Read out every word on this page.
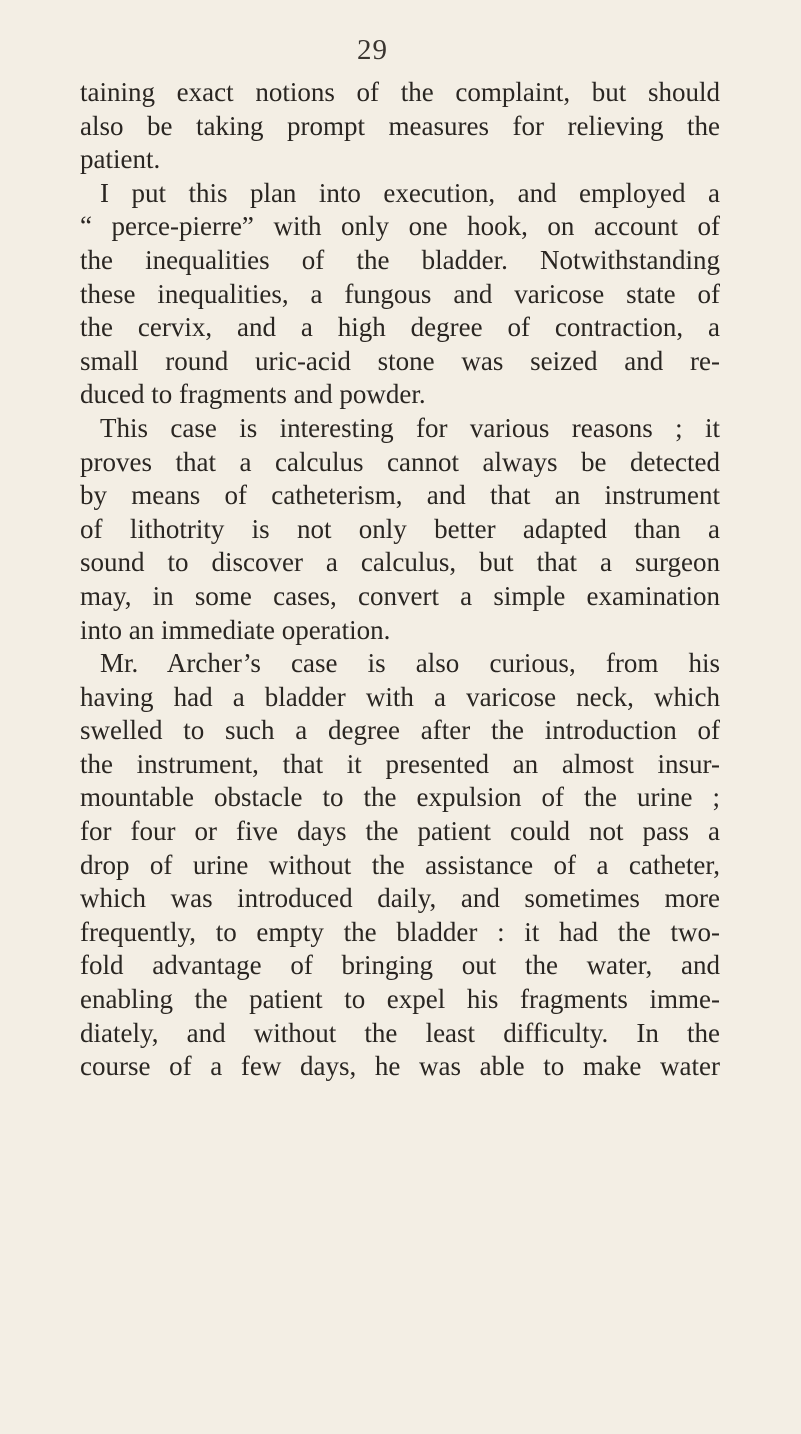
29
taining exact notions of the complaint, but should
also be taking prompt measures for relieving the
patient.
I put this plan into execution, and employed a
“ perce-pierre” with only one hook, on account of
the inequalities of the bladder. Notwithstanding
these inequalities, a fungous and varicose state of
the cervix, and a high degree of contraction, a
small round uric-acid stone was seized and re-
duced to fragments and powder.
This case is interesting for various reasons ; it
proves that a calculus cannot always be detected
by means of catheterism, and that an instrument
of lithotrity is not only better adapted than a
sound to discover a calculus, but that a surgeon
may, in some cases, convert a simple examination
into an immediate operation.
Mr. Archer’s case is also curious, from his
having had a bladder with a varicose neck, which
swelled to such a degree after the introduction of
the instrument, that it presented an almost insur-
mountable obstacle to the expulsion of the urine ;
for four or five days the patient could not pass a
drop of urine without the assistance of a catheter,
which was introduced daily, and sometimes more
frequently, to empty the bladder : it had the two-
fold advantage of bringing out the water, and
enabling the patient to expel his fragments imme-
diately, and without the least difficulty. In the
course of a few days, he was able to make water
